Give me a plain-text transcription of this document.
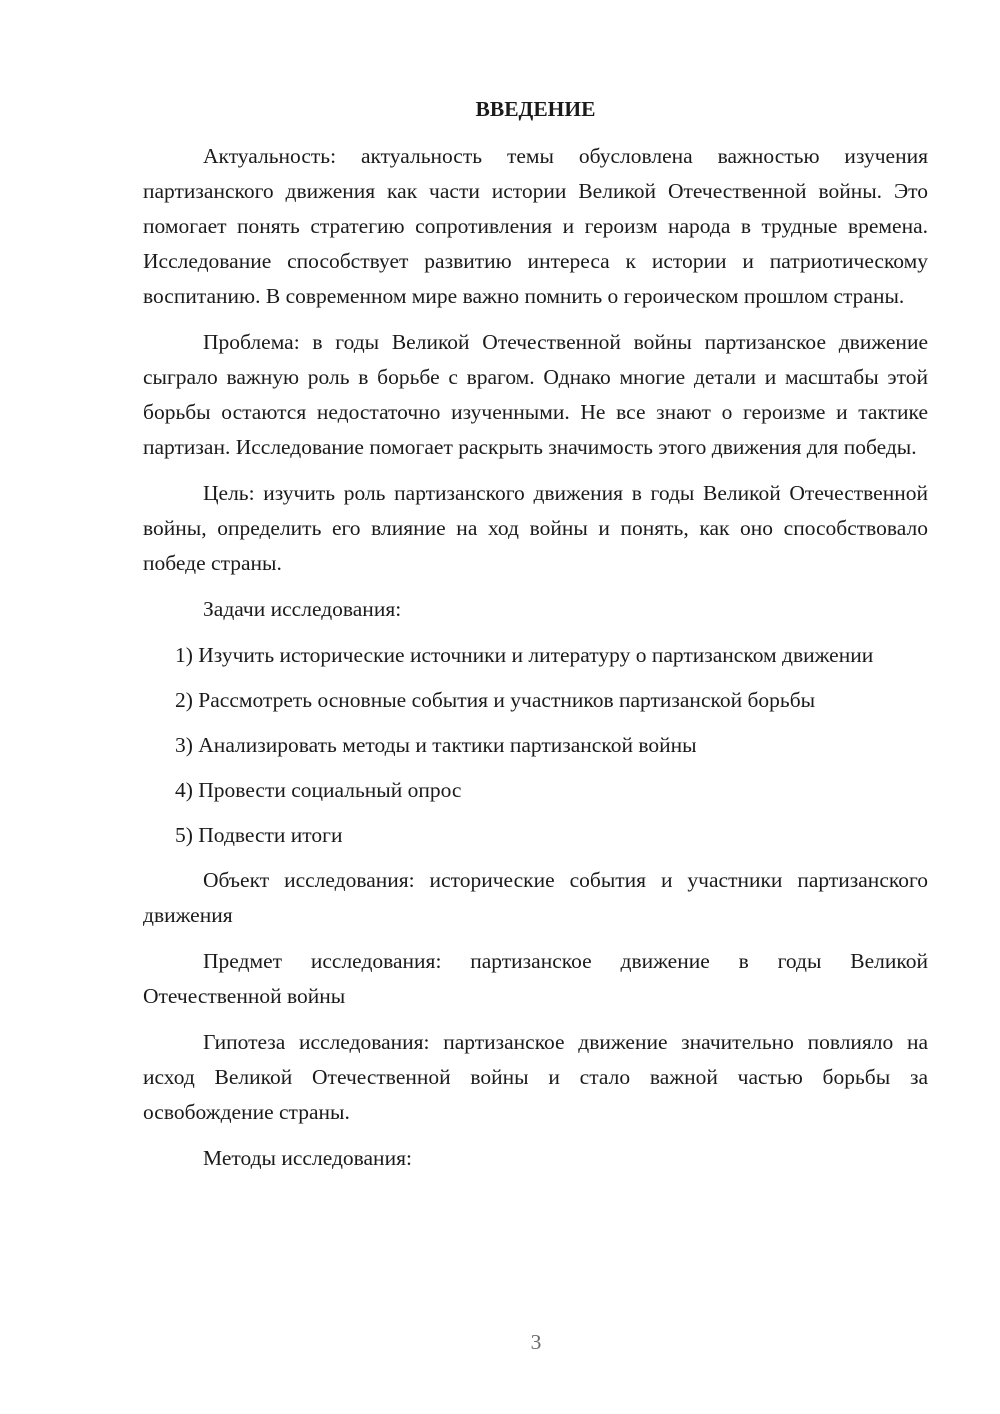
ВВЕДЕНИЕ

Актуальность: актуальность темы обусловлена важностью изучения партизанского движения как части истории Великой Отечественной войны. Это помогает понять стратегию сопротивления и героизм народа в трудные времена. Исследование способствует развитию интереса к истории и патриотическому воспитанию. В современном мире важно помнить о героическом прошлом страны.

Проблема: в годы Великой Отечественной войны партизанское движение сыграло важную роль в борьбе с врагом. Однако многие детали и масштабы этой борьбы остаются недостаточно изученными. Не все знают о героизме и тактике партизан. Исследование помогает раскрыть значимость этого движения для победы.

Цель: изучить роль партизанского движения в годы Великой Отечественной войны, определить его влияние на ход войны и понять, как оно способствовало победе страны.

Задачи исследования:

1) Изучить исторические источники и литературу о партизанском движении

2) Рассмотреть основные события и участников партизанской борьбы

3) Анализировать методы и тактики партизанской войны

4) Провести социальный опрос

5) Подвести итоги

Объект исследования: исторические события и участники партизанского движения

Предмет исследования: партизанское движение в годы Великой Отечественной войны

Гипотеза исследования: партизанское движение значительно повлияло на исход Великой Отечественной войны и стало важной частью борьбы за освобождение страны.

Методы исследования:

3
